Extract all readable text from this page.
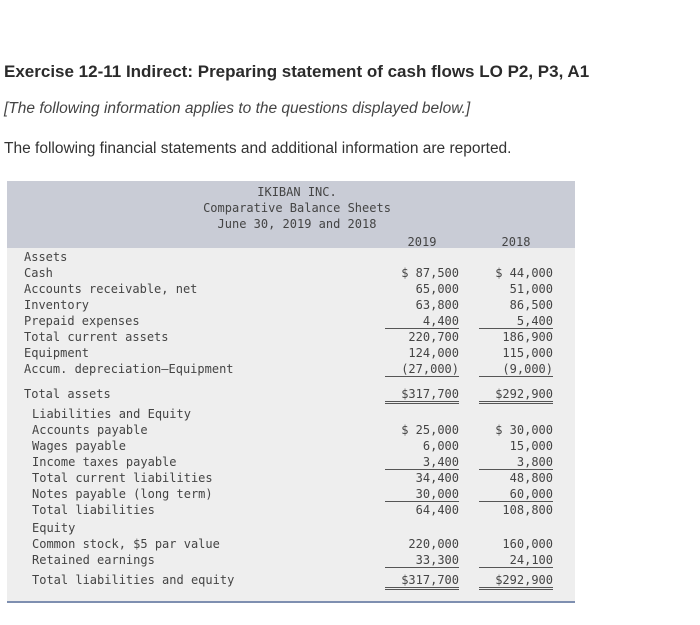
Exercise 12-11 Indirect: Preparing statement of cash flows LO P2, P3, A1
[The following information applies to the questions displayed below.]
The following financial statements and additional information are reported.
IKIBAN INC.
Comparative Balance Sheets
June 30, 2019 and 2018
2019	2018
Assets
Cash	$ 87,500	$ 44,000
Accounts receivable, net	65,000	51,000
Inventory	63,800	86,500
Prepaid expenses	4,400	5,400
Total current assets	220,700	186,900
Equipment	124,000	115,000
Accum. depreciation–Equipment	(27,000)	(9,000)
Total assets	$317,700	$292,900
Liabilities and Equity
Accounts payable	$ 25,000	$ 30,000
Wages payable	6,000	15,000
Income taxes payable	3,400	3,800
Total current liabilities	34,400	48,800
Notes payable (long term)	30,000	60,000
Total liabilities	64,400	108,800
Equity
Common stock, $5 par value	220,000	160,000
Retained earnings	33,300	24,100
Total liabilities and equity	$317,700	$292,900
